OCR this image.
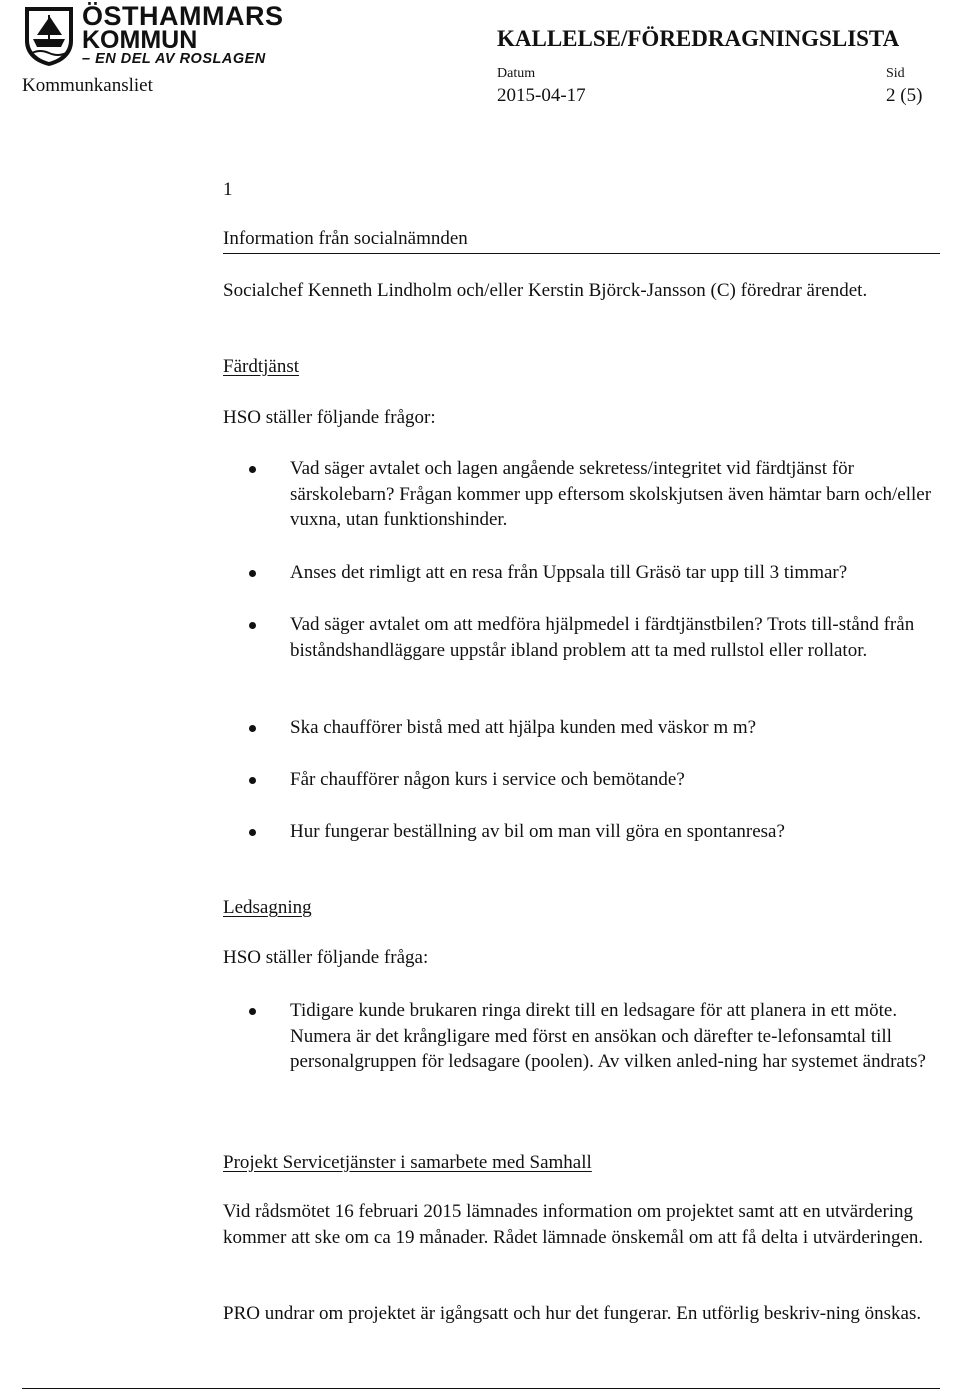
ÖSTHAMMARS
KOMMUN
– EN DEL AV ROSLAGEN
Kommunkansliet
KALLELSE/FÖREDRAGNINGSLISTA
Datum	Sid
2015-04-17	2 (5)
1
Information från socialnämnden

Socialchef Kenneth Lindholm och/eller Kerstin Björck-Jansson (C) föredrar ärendet.

Färdtjänst
HSO ställer följande frågor:
Vad säger avtalet och lagen angående sekretess/integritet vid färdtjänst för särskolebarn? Frågan kommer upp eftersom skolskjutsen även hämtar barn och/eller vuxna, utan funktionshinder.
Anses det rimligt att en resa från Uppsala till Gräsö tar upp till 3 timmar?
Vad säger avtalet om att medföra hjälpmedel i färdtjänstbilen? Trots till-stånd från biståndshandläggare uppstår ibland problem att ta med rullstol eller rollator.
Ska chaufförer bistå med att hjälpa kunden med väskor m m?
Får chaufförer någon kurs i service och bemötande?
Hur fungerar beställning av bil om man vill göra en spontanresa?
Ledsagning
HSO ställer följande fråga:
Tidigare kunde brukaren ringa direkt till en ledsagare för att planera in ett möte. Numera är det krångligare med först en ansökan och därefter te-lefonsamtal till personalgruppen för ledsagare (poolen). Av vilken anled-ning har systemet ändrats?
Projekt Servicetjänster i samarbete med Samhall

Vid rådsmötet 16 februari 2015 lämnades information om projektet samt att en utvärdering kommer att ske om ca 19 månader. Rådet lämnade önskemål om att få delta i utvärderingen.

PRO undrar om projektet är igångsatt och hur det fungerar. En utförlig beskriv-ning önskas.
